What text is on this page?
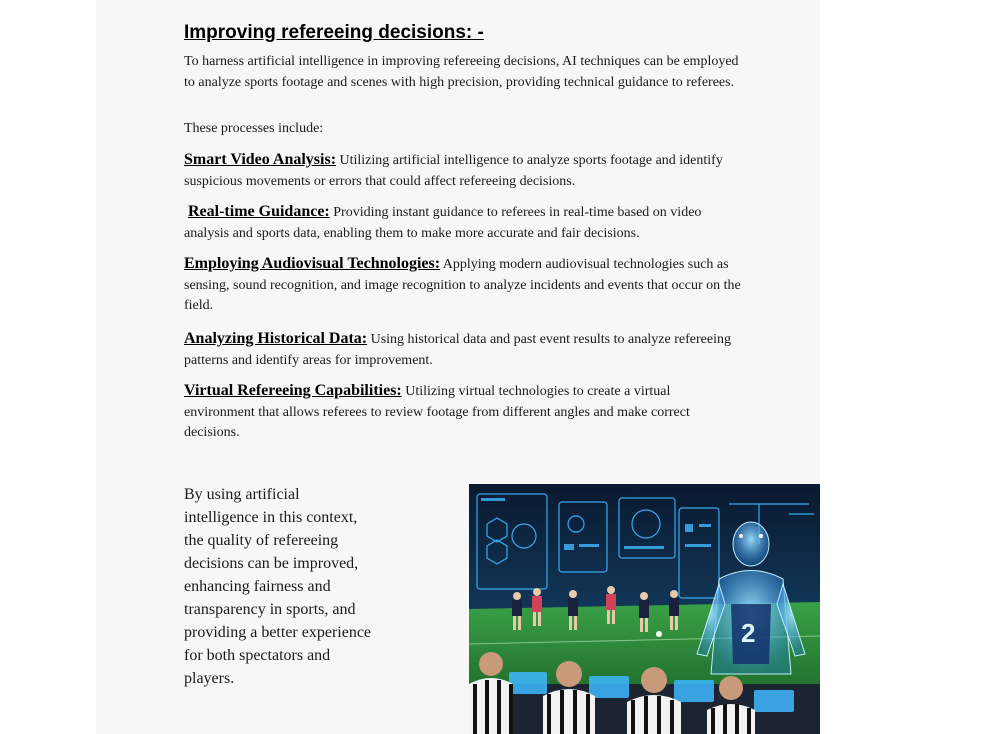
Improving refereeing decisions: -

To harness artificial intelligence in improving refereeing decisions, AI techniques can be employed to analyze sports footage and scenes with high precision, providing technical guidance to referees.

These processes include:

Smart Video Analysis: Utilizing artificial intelligence to analyze sports footage and identify suspicious movements or errors that could affect refereeing decisions.

Real-time Guidance: Providing instant guidance to referees in real-time based on video analysis and sports data, enabling them to make more accurate and fair decisions.

Employing Audiovisual Technologies: Applying modern audiovisual technologies such as sensing, sound recognition, and image recognition to analyze incidents and events that occur on the field.

Analyzing Historical Data: Using historical data and past event results to analyze refereeing patterns and identify areas for improvement.

Virtual Refereeing Capabilities: Utilizing virtual technologies to create a virtual environment that allows referees to review footage from different angles and make correct decisions.

By using artificial intelligence in this context, the quality of refereeing decisions can be improved, enhancing fairness and transparency in sports, and providing a better experience for both spectators and players.

2
